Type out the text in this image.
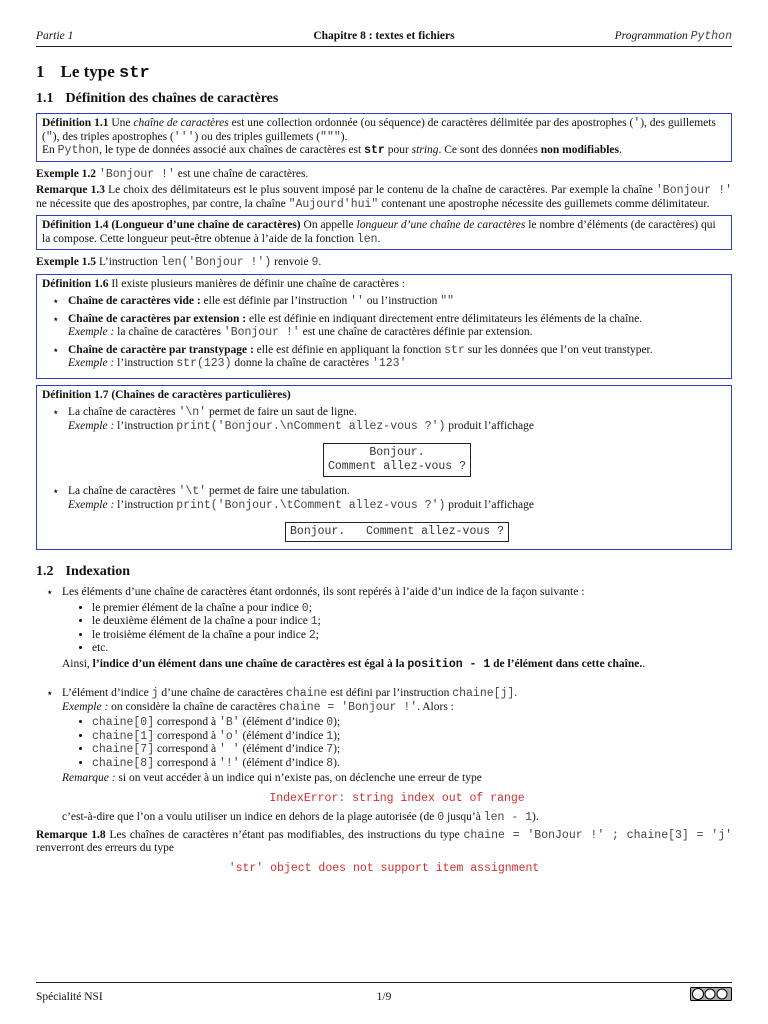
Partie 1	Chapitre 8 : textes et fichiers	Programmation Python
1 Le type str
1.1 Définition des chaînes de caractères
Définition 1.1 Une chaîne de caractères est une collection ordonnée (ou séquence) de caractères délimitée par des apostrophes ('), des guillemets ("), des triples apostrophes (''') ou des triples guillemets (""").
En Python, le type de données associé aux chaînes de caractères est str pour string. Ce sont des données non modifiables.

Exemple 1.2 'Bonjour !' est une chaîne de caractères.

Remarque 1.3 Le choix des délimitateurs est le plus souvent imposé par le contenu de la chaîne de caractères. Par exemple la chaîne 'Bonjour !' ne nécessite que des apostrophes, par contre, la chaîne "Aujourd'hui" contenant une apostrophe nécessite des guillemets comme délimitateur.

Définition 1.4 (Longueur d’une chaîne de caractères) On appelle longueur d’une chaîne de caractères le nombre d’éléments (de caractères) qui la compose. Cette longueur peut-être obtenue à l’aide de la fonction len.

Exemple 1.5 L’instruction len('Bonjour !') renvoie 9.

Définition 1.6 Il existe plusieurs manières de définir une chaîne de caractères :
⋆ Chaîne de caractères vide : elle est définie par l’instruction '' ou l’instruction ""
⋆ Chaîne de caractères par extension : elle est définie en indiquant directement entre délimitateurs les éléments de la chaîne.
Exemple : la chaîne de caractères 'Bonjour !' est une chaîne de caractères définie par extension.
⋆ Chaîne de caractère par transtypage : elle est définie en appliquant la fonction str sur les données que l’on veut transtyper.
Exemple : l’instruction str(123) donne la chaîne de caractères '123'
Définition 1.7 (Chaînes de caractères particulières)
⋆ La chaîne de caractères '\n' permet de faire un saut de ligne.
Exemple : l’instruction print('Bonjour.\nComment allez-vous ?') produit l’affichage
Bonjour.
Comment allez-vous ?
⋆ La chaîne de caractères '\t' permet de faire une tabulation.
Exemple : l’instruction print('Bonjour.\tComment allez-vous ?') produit l’affichage
Bonjour.   Comment allez-vous ?
1.2 Indexation
⋆ Les éléments d’une chaîne de caractères étant ordonnés, ils sont repérés à l’aide d’un indice de la façon suivante :
• le premier élément de la chaîne a pour indice 0;
• le deuxième élément de la chaîne a pour indice 1;
• le troisième élément de la chaîne a pour indice 2;
• etc.
Ainsi, l’indice d’un élément dans une chaîne de caractères est égal à la position - 1 de l’élément dans cette chaîne..
⋆ L’élément d’indice j d’une chaîne de caractères chaine est défini par l’instruction chaine[j].
Exemple : on considère la chaîne de caractères chaine = 'Bonjour !'. Alors :
• chaine[0] correspond à 'B' (élément d’indice 0);
• chaine[1] correspond à 'o' (élément d’indice 1);
• chaine[7] correspond à ' ' (élément d’indice 7);
• chaine[8] correspond à '!' (élément d’indice 8).
Remarque : si on veut accéder à un indice qui n’existe pas, on déclenche une erreur de type
IndexError: string index out of range
c’est-à-dire que l’on a voulu utiliser un indice en dehors de la plage autorisée (de 0 jusqu’à len - 1).

Remarque 1.8 Les chaînes de caractères n’étant pas modifiables, des instructions du type chaine = 'BonJour !' ; chaine[3] = 'j' renverront des erreurs du type

'str' object does not support item assignment
Spécialité NSI	1/9
